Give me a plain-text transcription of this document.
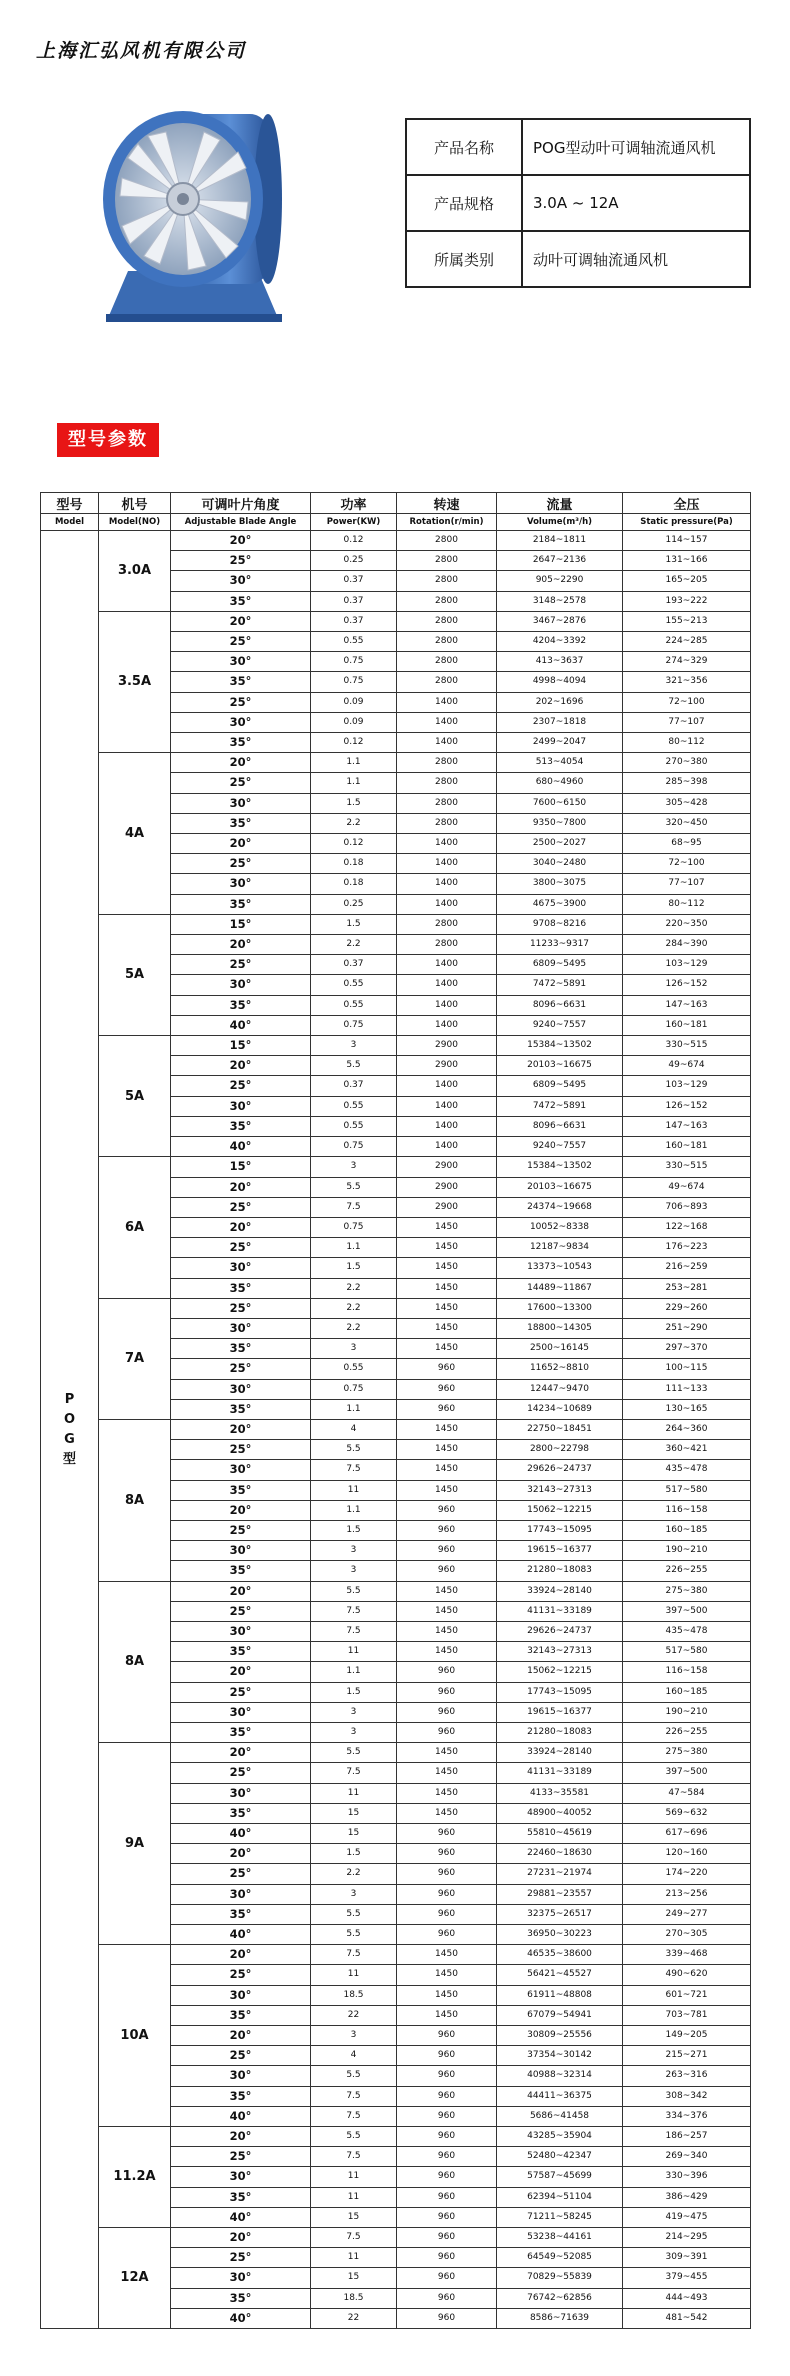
上海汇弘风机有限公司
产品名称	POG型动叶可调轴流通风机
产品规格	3.0A ~ 12A
所属类别	动叶可调轴流通风机
型号参数
型号	机号	可调叶片角度	功率	转速	流量	全压
Model	Model(NO)	Adjustable Blade Angle	Power(KW)	Rotation(r/min)	Volume(m³/h)	Static pressure(Pa)
POG型	3.0A	20°	0.12	2800	2184~1811	114~157
		25°	0.25	2800	2647~2136	131~166
		30°	0.37	2800	905~2290	165~205
		35°	0.37	2800	3148~2578	193~222
	3.5A	20°	0.37	2800	3467~2876	155~213
		25°	0.55	2800	4204~3392	224~285
		30°	0.75	2800	413~3637	274~329
		35°	0.75	2800	4998~4094	321~356
		25°	0.09	1400	202~1696	72~100
		30°	0.09	1400	2307~1818	77~107
		35°	0.12	1400	2499~2047	80~112
	4A	20°	1.1	2800	513~4054	270~380
		25°	1.1	2800	680~4960	285~398
		30°	1.5	2800	7600~6150	305~428
		35°	2.2	2800	9350~7800	320~450
		20°	0.12	1400	2500~2027	68~95
		25°	0.18	1400	3040~2480	72~100
		30°	0.18	1400	3800~3075	77~107
		35°	0.25	1400	4675~3900	80~112
	5A	15°	1.5	2800	9708~8216	220~350
		20°	2.2	2800	11233~9317	284~390
		25°	0.37	1400	6809~5495	103~129
		30°	0.55	1400	7472~5891	126~152
		35°	0.55	1400	8096~6631	147~163
		40°	0.75	1400	9240~7557	160~181
	5A	15°	3	2900	15384~13502	330~515
		20°	5.5	2900	20103~16675	49~674
		25°	0.37	1400	6809~5495	103~129
		30°	0.55	1400	7472~5891	126~152
		35°	0.55	1400	8096~6631	147~163
		40°	0.75	1400	9240~7557	160~181
	6A	15°	3	2900	15384~13502	330~515
		20°	5.5	2900	20103~16675	49~674
		25°	7.5	2900	24374~19668	706~893
		20°	0.75	1450	10052~8338	122~168
		25°	1.1	1450	12187~9834	176~223
		30°	1.5	1450	13373~10543	216~259
		35°	2.2	1450	14489~11867	253~281
	7A	25°	2.2	1450	17600~13300	229~260
		30°	2.2	1450	18800~14305	251~290
		35°	3	1450	2500~16145	297~370
		25°	0.55	960	11652~8810	100~115
		30°	0.75	960	12447~9470	111~133
		35°	1.1	960	14234~10689	130~165
	8A	20°	4	1450	22750~18451	264~360
		25°	5.5	1450	2800~22798	360~421
		30°	7.5	1450	29626~24737	435~478
		35°	11	1450	32143~27313	517~580
		20°	1.1	960	15062~12215	116~158
		25°	1.5	960	17743~15095	160~185
		30°	3	960	19615~16377	190~210
		35°	3	960	21280~18083	226~255
	8A	20°	5.5	1450	33924~28140	275~380
		25°	7.5	1450	41131~33189	397~500
		30°	7.5	1450	29626~24737	435~478
		35°	11	1450	32143~27313	517~580
		20°	1.1	960	15062~12215	116~158
		25°	1.5	960	17743~15095	160~185
		30°	3	960	19615~16377	190~210
		35°	3	960	21280~18083	226~255
	9A	20°	5.5	1450	33924~28140	275~380
		25°	7.5	1450	41131~33189	397~500
		30°	11	1450	4133~35581	47~584
		35°	15	1450	48900~40052	569~632
		40°	15	960	55810~45619	617~696
		20°	1.5	960	22460~18630	120~160
		25°	2.2	960	27231~21974	174~220
		30°	3	960	29881~23557	213~256
		35°	5.5	960	32375~26517	249~277
		40°	5.5	960	36950~30223	270~305
	10A	20°	7.5	1450	46535~38600	339~468
		25°	11	1450	56421~45527	490~620
		30°	18.5	1450	61911~48808	601~721
		35°	22	1450	67079~54941	703~781
		20°	3	960	30809~25556	149~205
		25°	4	960	37354~30142	215~271
		30°	5.5	960	40988~32314	263~316
		35°	7.5	960	44411~36375	308~342
		40°	7.5	960	5686~41458	334~376
	11.2A	20°	5.5	960	43285~35904	186~257
		25°	7.5	960	52480~42347	269~340
		30°	11	960	57587~45699	330~396
		35°	11	960	62394~51104	386~429
		40°	15	960	71211~58245	419~475
	12A	20°	7.5	960	53238~44161	214~295
		25°	11	960	64549~52085	309~391
		30°	15	960	70829~55839	379~455
		35°	18.5	960	76742~62856	444~493
		40°	22	960	8586~71639	481~542
